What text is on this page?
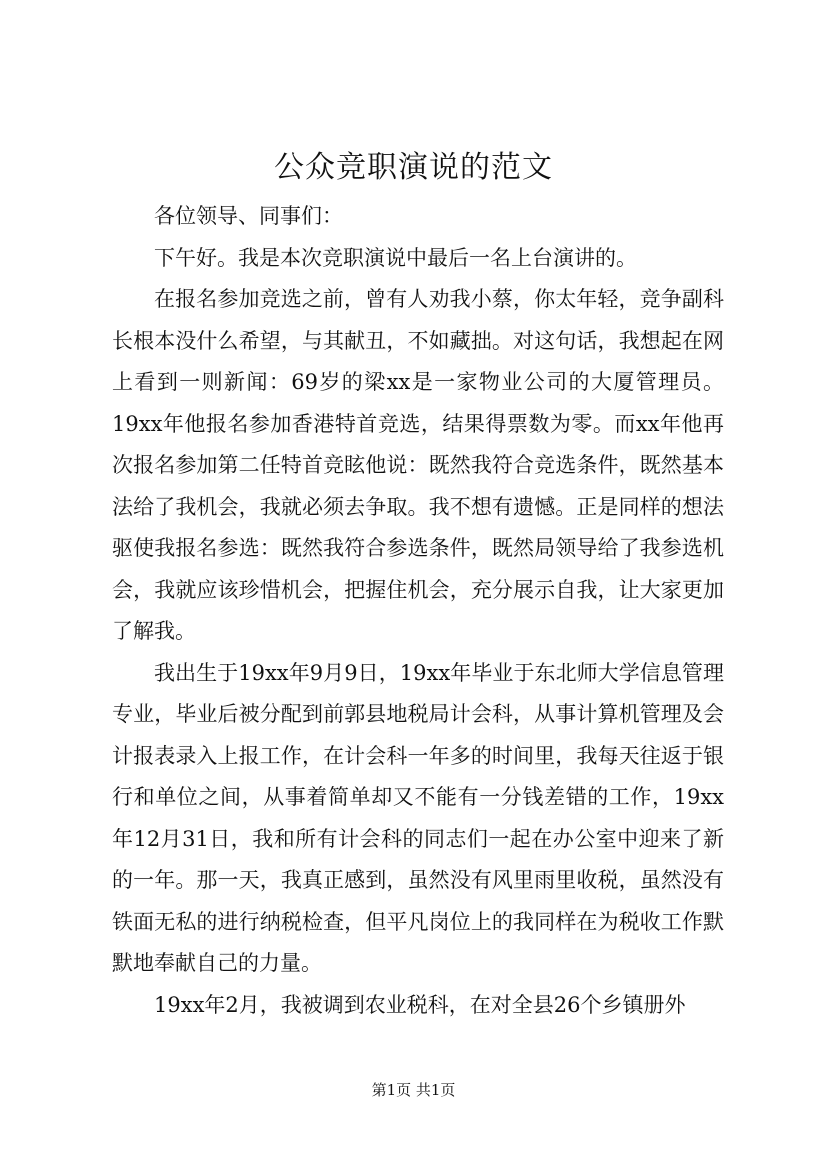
公众竞职演说的范文

各位领导、同事们：

下午好。我是本次竞职演说中最后一名上台演讲的。

在报名参加竞选之前，曾有人劝我小蔡，你太年轻，竞争副科长根本没什么希望，与其献丑，不如藏拙。对这句话，我想起在网上看到一则新闻：69岁的梁xx是一家物业公司的大厦管理员。19xx年他报名参加香港特首竞选，结果得票数为零。而xx年他再次报名参加第二任特首竞眩他说：既然我符合竞选条件，既然基本法给了我机会，我就必须去争取。我不想有遗憾。正是同样的想法驱使我报名参选：既然我符合参选条件，既然局领导给了我参选机会，我就应该珍惜机会，把握住机会，充分展示自我，让大家更加了解我。

我出生于19xx年9月9日，19xx年毕业于东北师大学信息管理专业，毕业后被分配到前郭县地税局计会科，从事计算机管理及会计报表录入上报工作，在计会科一年多的时间里，我每天往返于银行和单位之间，从事着简单却又不能有一分钱差错的工作，19xx年12月31日，我和所有计会科的同志们一起在办公室中迎来了新的一年。那一天，我真正感到，虽然没有风里雨里收税，虽然没有铁面无私的进行纳税检查，但平凡岗位上的我同样在为税收工作默默地奉献自己的力量。

19xx年2月，我被调到农业税科，在对全县26个乡镇册外

第1页 共1页
